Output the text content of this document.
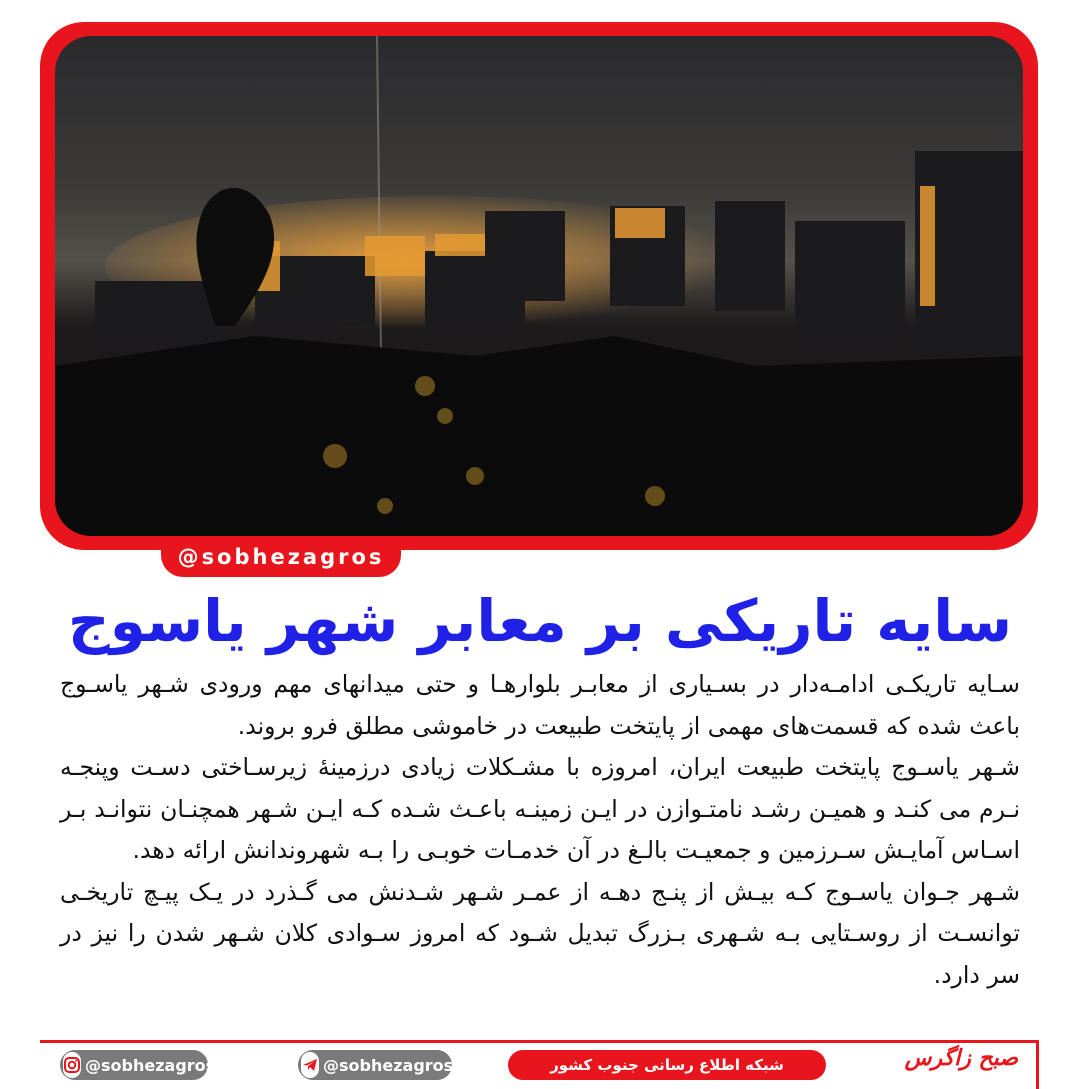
@sobhezagros
سایه تاریکی بر معابر شهر یاسوج

سـایه تاریکـی ادامـه‌دار در بسـیاری از معابـر بلوارهـا و حتی میدانهای مهم ورودی شـهر یاسـوج باعث شده که قسمت‌های مهمی از پایتخت طبیعت در خاموشی مطلق فرو بروند.

شـهر یاسـوج پایتخت طبیعت ایران، امروزه با مشـکلات زیادی درزمینهٔ زیرسـاختی دسـت وپنجـه نـرم می کنـد و همیـن رشـد نامتـوازن در ایـن زمینـه باعـث شـده کـه ایـن شـهر همچنـان نتوانـد بـر اسـاس آمایـش سـرزمین و جمعیـت بالـغ در آن خدمـات خوبـی را بـه شهروندانش ارائه دهد.

شـهر جـوان یاسـوج کـه بیـش از پنـج دهـه از عمـر شـهر شـدنش می گـذرد در یـک پیـچ تاریخـی توانسـت از روسـتایی بـه شـهری بـزرگ تبدیل شـود که امروز سـوادی کلان شـهر شدن را نیز در سر دارد.

@sobhezagros	@sobhezagros	شبکه اطلاع رسانی جنوب کشور	صبح زاگرس
